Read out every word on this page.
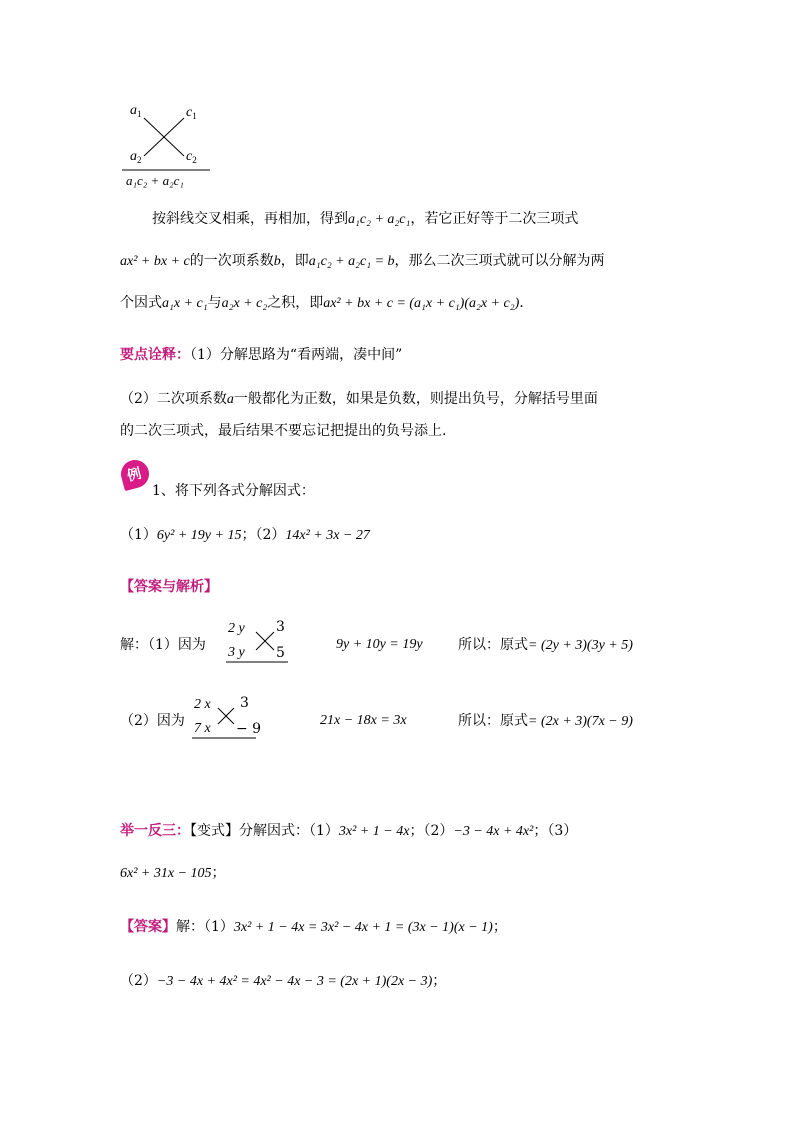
$a_1$	$c_1$
$a_2$	$c_2$
a₁c₂ + a₂c₁
按斜线交叉相乘，再相加，得到a₁c₂ + a₂c₁，若它正好等于二次三项式
ax² + bx + c的一次项系数b，即a₁c₂ + a₂c₁ = b，那么二次三项式就可以分解为两
个因式a₁x + c₁与a₂x + c₂之积，即ax² + bx + c = (a₁x + c₁)(a₂x + c₂).
要点诠释：（1）分解思路为“看两端，凑中间”
（2）二次项系数a一般都化为正数，如果是负数，则提出负号，分解括号里面
的二次三项式，最后结果不要忘记把提出的负号添上.
例
1、将下列各式分解因式：
（1）6y² + 19y + 15；（2）14x² + 3x − 27
【答案与解析】
解：（1）因为
2 y 3
3 y 5
9y + 10y = 19y	所以：原式= (2y + 3)(3y + 5)
（2）因为
2 x 3
7 x − 9
21x − 18x = 3x	所以：原式= (2x + 3)(7x − 9)
举一反三：【变式】分解因式：（1）3x² + 1 − 4x；（2）−3 − 4x + 4x²；（3）
6x² + 31x − 105；
【答案】解：（1）3x² + 1 − 4x = 3x² − 4x + 1 = (3x − 1)(x − 1)；
（2）−3 − 4x + 4x² = 4x² − 4x − 3 = (2x + 1)(2x − 3)；
